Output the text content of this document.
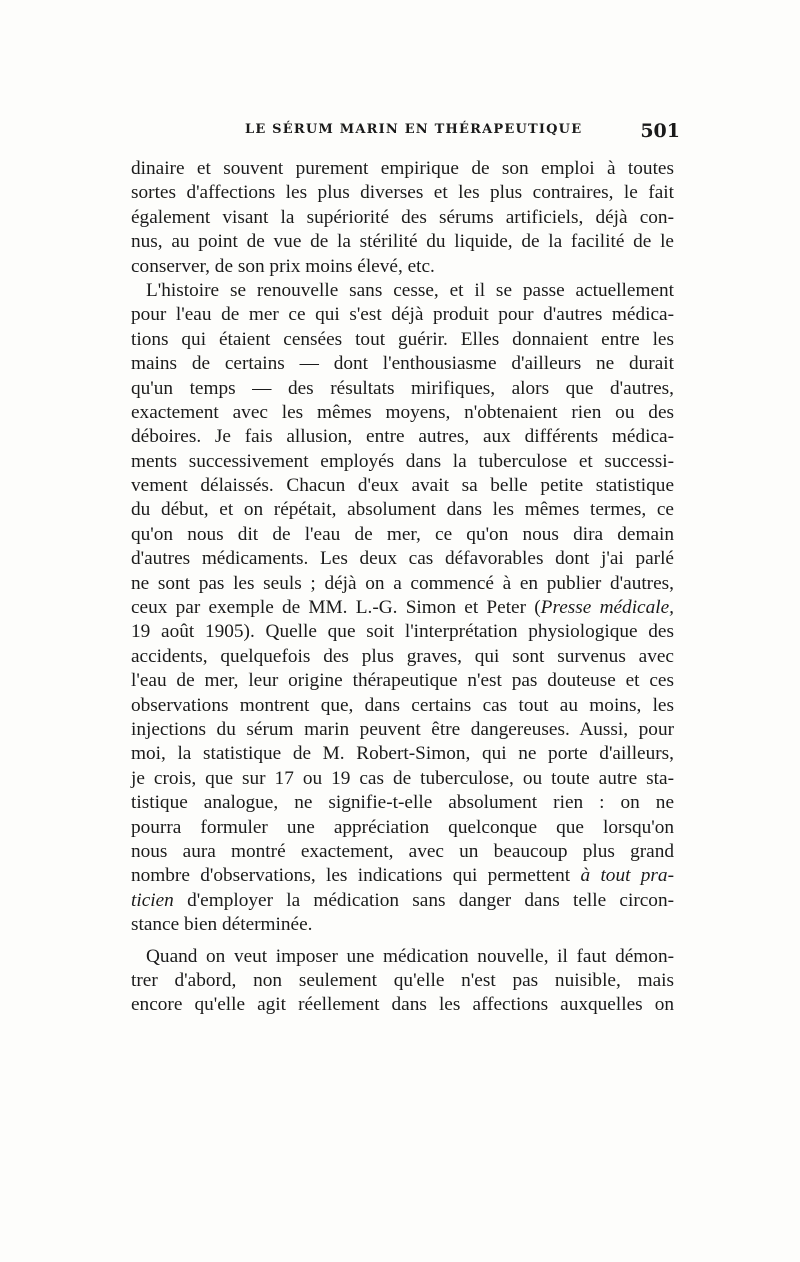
LE SÉRUM MARIN EN THÉRAPEUTIQUE	501
dinaire et souvent purement empirique de son emploi à toutes
sortes d'affections les plus diverses et les plus contraires, le fait
également visant la supériorité des sérums artificiels, déjà con-
nus, au point de vue de la stérilité du liquide, de la facilité de le
conserver, de son prix moins élevé, etc.
L'histoire se renouvelle sans cesse, et il se passe actuellement
pour l'eau de mer ce qui s'est déjà produit pour d'autres médica-
tions qui étaient censées tout guérir. Elles donnaient entre les
mains de certains — dont l'enthousiasme d'ailleurs ne durait
qu'un temps — des résultats mirifiques, alors que d'autres,
exactement avec les mêmes moyens, n'obtenaient rien ou des
déboires. Je fais allusion, entre autres, aux différents médica-
ments successivement employés dans la tuberculose et successi-
vement délaissés. Chacun d'eux avait sa belle petite statistique
du début, et on répétait, absolument dans les mêmes termes, ce
qu'on nous dit de l'eau de mer, ce qu'on nous dira demain
d'autres médicaments. Les deux cas défavorables dont j'ai parlé
ne sont pas les seuls ; déjà on a commencé à en publier d'autres,
ceux par exemple de MM. L.-G. Simon et Peter (Presse médicale,
19 août 1905). Quelle que soit l'interprétation physiologique des
accidents, quelquefois des plus graves, qui sont survenus avec
l'eau de mer, leur origine thérapeutique n'est pas douteuse et ces
observations montrent que, dans certains cas tout au moins, les
injections du sérum marin peuvent être dangereuses. Aussi, pour
moi, la statistique de M. Robert-Simon, qui ne porte d'ailleurs,
je crois, que sur 17 ou 19 cas de tuberculose, ou toute autre sta-
tistique analogue, ne signifie-t-elle absolument rien : on ne
pourra formuler une appréciation quelconque que lorsqu'on
nous aura montré exactement, avec un beaucoup plus grand
nombre d'observations, les indications qui permettent à tout pra-
ticien d'employer la médication sans danger dans telle circon-
stance bien déterminée.
Quand on veut imposer une médication nouvelle, il faut démon-
trer d'abord, non seulement qu'elle n'est pas nuisible, mais
encore qu'elle agit réellement dans les affections auxquelles on
